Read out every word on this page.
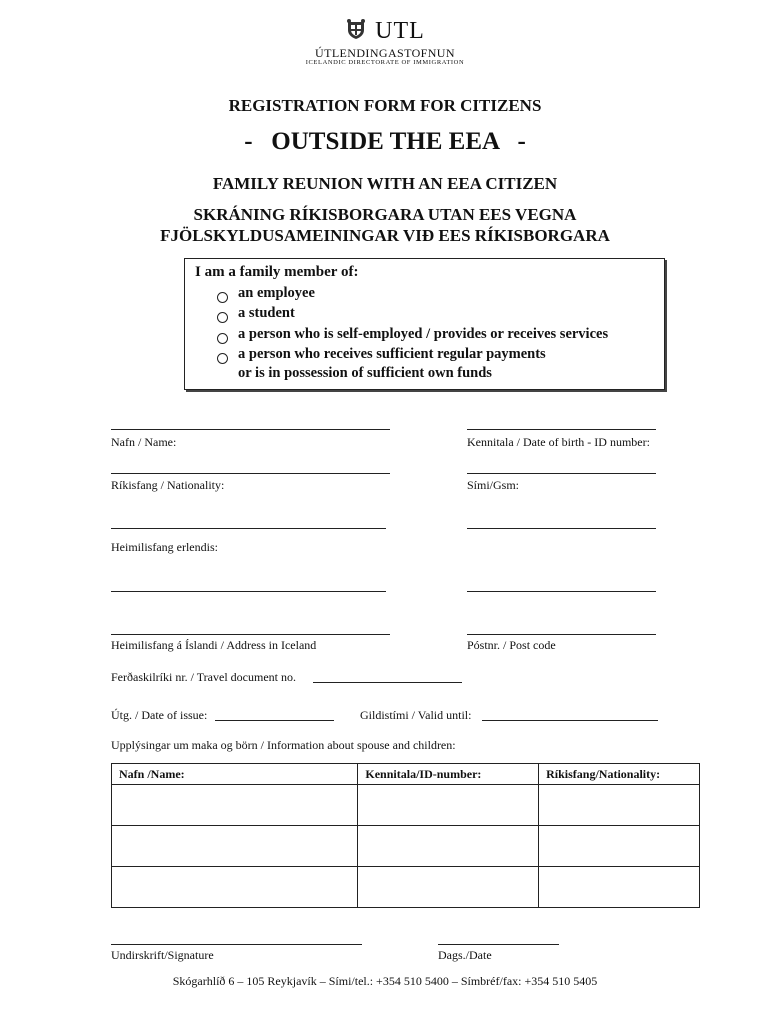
UTL
ÚTLENDINGASTOFNUN
ICELANDIC DIRECTORATE OF IMMIGRATION
REGISTRATION FORM FOR CITIZENS
-   OUTSIDE THE EEA   -
FAMILY REUNION WITH AN EEA CITIZEN
SKRÁNING RÍKISBORGARA UTAN EES VEGNA
FJÖLSKYLDUSAMEININGAR VIÐ EES RÍKISBORGARA
I am a family member of:
an employee
a student
a person who is self-employed / provides or receives services
a person who receives sufficient regular payments
or is in possession of sufficient own funds
Nafn / Name:	Kennitala / Date of birth - ID number:
Ríkisfang / Nationality:	Sími/Gsm:
Heimilisfang erlendis:
Heimilisfang á Íslandi / Address in Iceland	Póstnr. / Post code
Ferðaskilríki nr. / Travel document no.
Útg. / Date of issue:	Gildistími / Valid until:
Upplýsingar um maka og börn / Information about spouse and children:
Nafn /Name:	Kennitala/ID-number:	Ríkisfang/Nationality:

Undirskrift/Signature	Dags./Date
Skógarhlíð 6 – 105 Reykjavík – Sími/tel.: +354 510 5400 – Símbréf/fax: +354 510 5405
